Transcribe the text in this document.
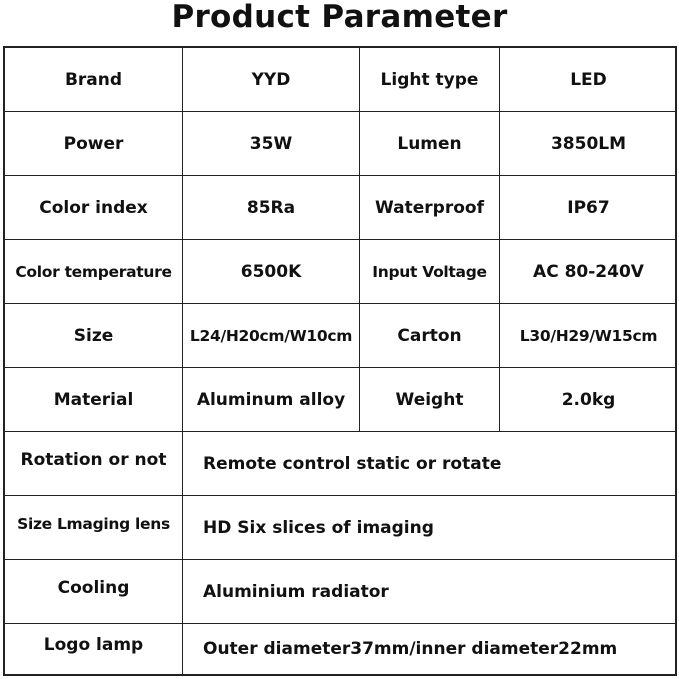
Product Parameter
Brand	YYD	Light type	LED
Power	35W	Lumen	3850LM
Color index	85Ra	Waterproof	IP67
Color temperature	6500K	Input Voltage	AC 80-240V
Size	L24/H20cm/W10cm	Carton	L30/H29/W15cm
Material	Aluminum alloy	Weight	2.0kg
Rotation or not	Remote control static or rotate
Size Lmaging lens	HD Six slices of imaging
Cooling	Aluminium radiator
Logo lamp	Outer diameter37mm/inner diameter22mm
